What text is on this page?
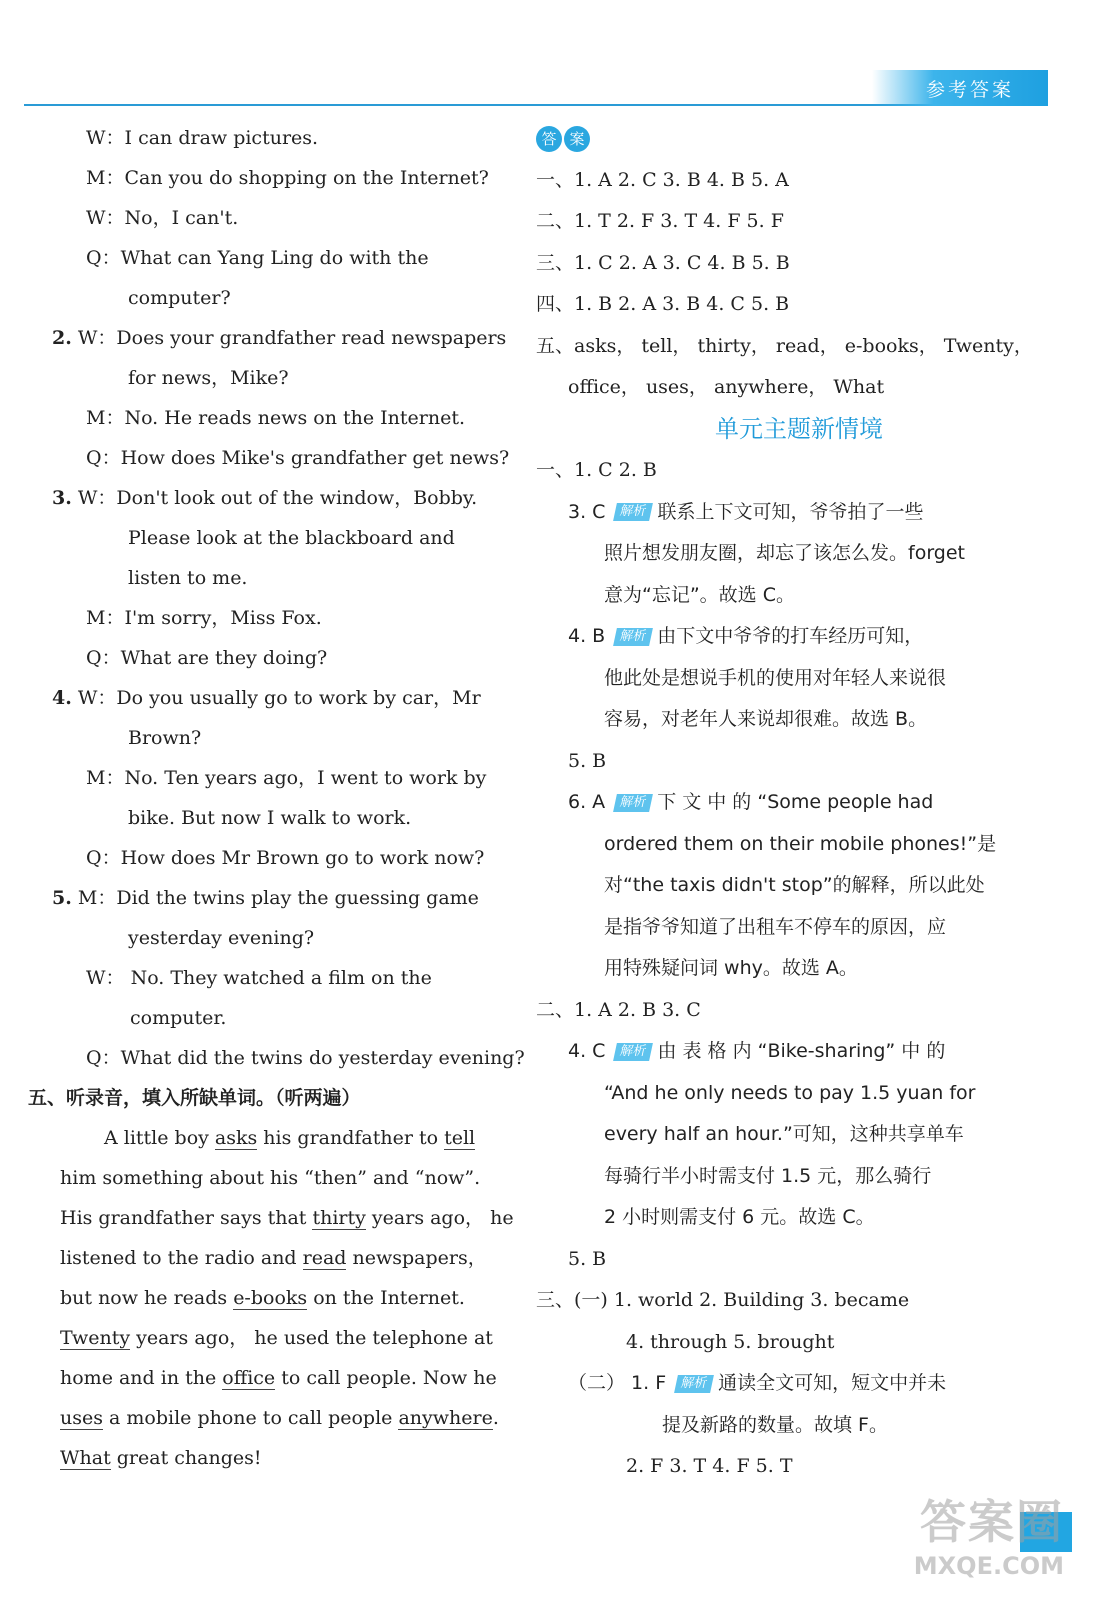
参考答案
W：I can draw pictures.
M：Can you do shopping on the Internet?
W：No，I can't.
Q：What can Yang Ling do with the
computer?
2. W：Does your grandfather read newspapers
for news，Mike?
M：No. He reads news on the Internet.
Q：How does Mike's grandfather get news?
3. W：Don't look out of the window，Bobby.
Please look at the blackboard and
listen to me.
M：I'm sorry，Miss Fox.
Q：What are they doing?
4. W：Do you usually go to work by car，Mr
Brown?
M：No. Ten years ago，I went to work by
bike. But now I walk to work.
Q：How does Mr Brown go to work now?
5. M：Did the twins play the guessing game
yesterday evening?
W： No. They watched a film on the
computer.
Q：What did the twins do yesterday evening?
五、听录音，填入所缺单词。（听两遍）
A little boy asks his grandfather to tell
him something about his “then” and “now”.
His grandfather says that thirty years ago， he
listened to the radio and read newspapers，
but now he reads e-books on the Internet.
Twenty years ago， he used the telephone at
home and in the office to call people. Now he
uses a mobile phone to call people anywhere.
What great changes!
答 案
一、1. A 2. C 3. B 4. B 5. A
二、1. T 2. F 3. T 4. F 5. F
三、1. C 2. A 3. C 4. B 5. B
四、1. B 2. A 3. B 4. C 5. B
五、asks， tell， thirty， read， e-books， Twenty，
office， uses， anywhere， What
单元主题新情境
一、1. C 2. B
3. C 解析 联系上下文可知，爷爷拍了一些
照片想发朋友圈，却忘了该怎么发。forget
意为“忘记”。故选 C。
4. B 解析 由下文中爷爷的打车经历可知，
他此处是想说手机的使用对年轻人来说很
容易，对老年人来说却很难。故选 B。
5. B
6. A 解析 下 文 中 的 “Some people had
ordered them on their mobile phones!”是
对“the taxis didn't stop”的解释，所以此处
是指爷爷知道了出租车不停车的原因，应
用特殊疑问词 why。故选 A。
二、1. A 2. B 3. C
4. C 解析 由 表 格 内 “Bike-sharing” 中 的
“And he only needs to pay 1.5 yuan for
every half an hour.”可知，这种共享单车
每骑行半小时需支付 1.5 元，那么骑行
2 小时则需支付 6 元。故选 C。
5. B
三、(一) 1. world 2. Building 3. became
4. through 5. brought
（二） 1. F 解析 通读全文可知，短文中并未
提及新路的数量。故填 F。
2. F 3. T 4. F 5. T
答案圈
MXQE.COM
